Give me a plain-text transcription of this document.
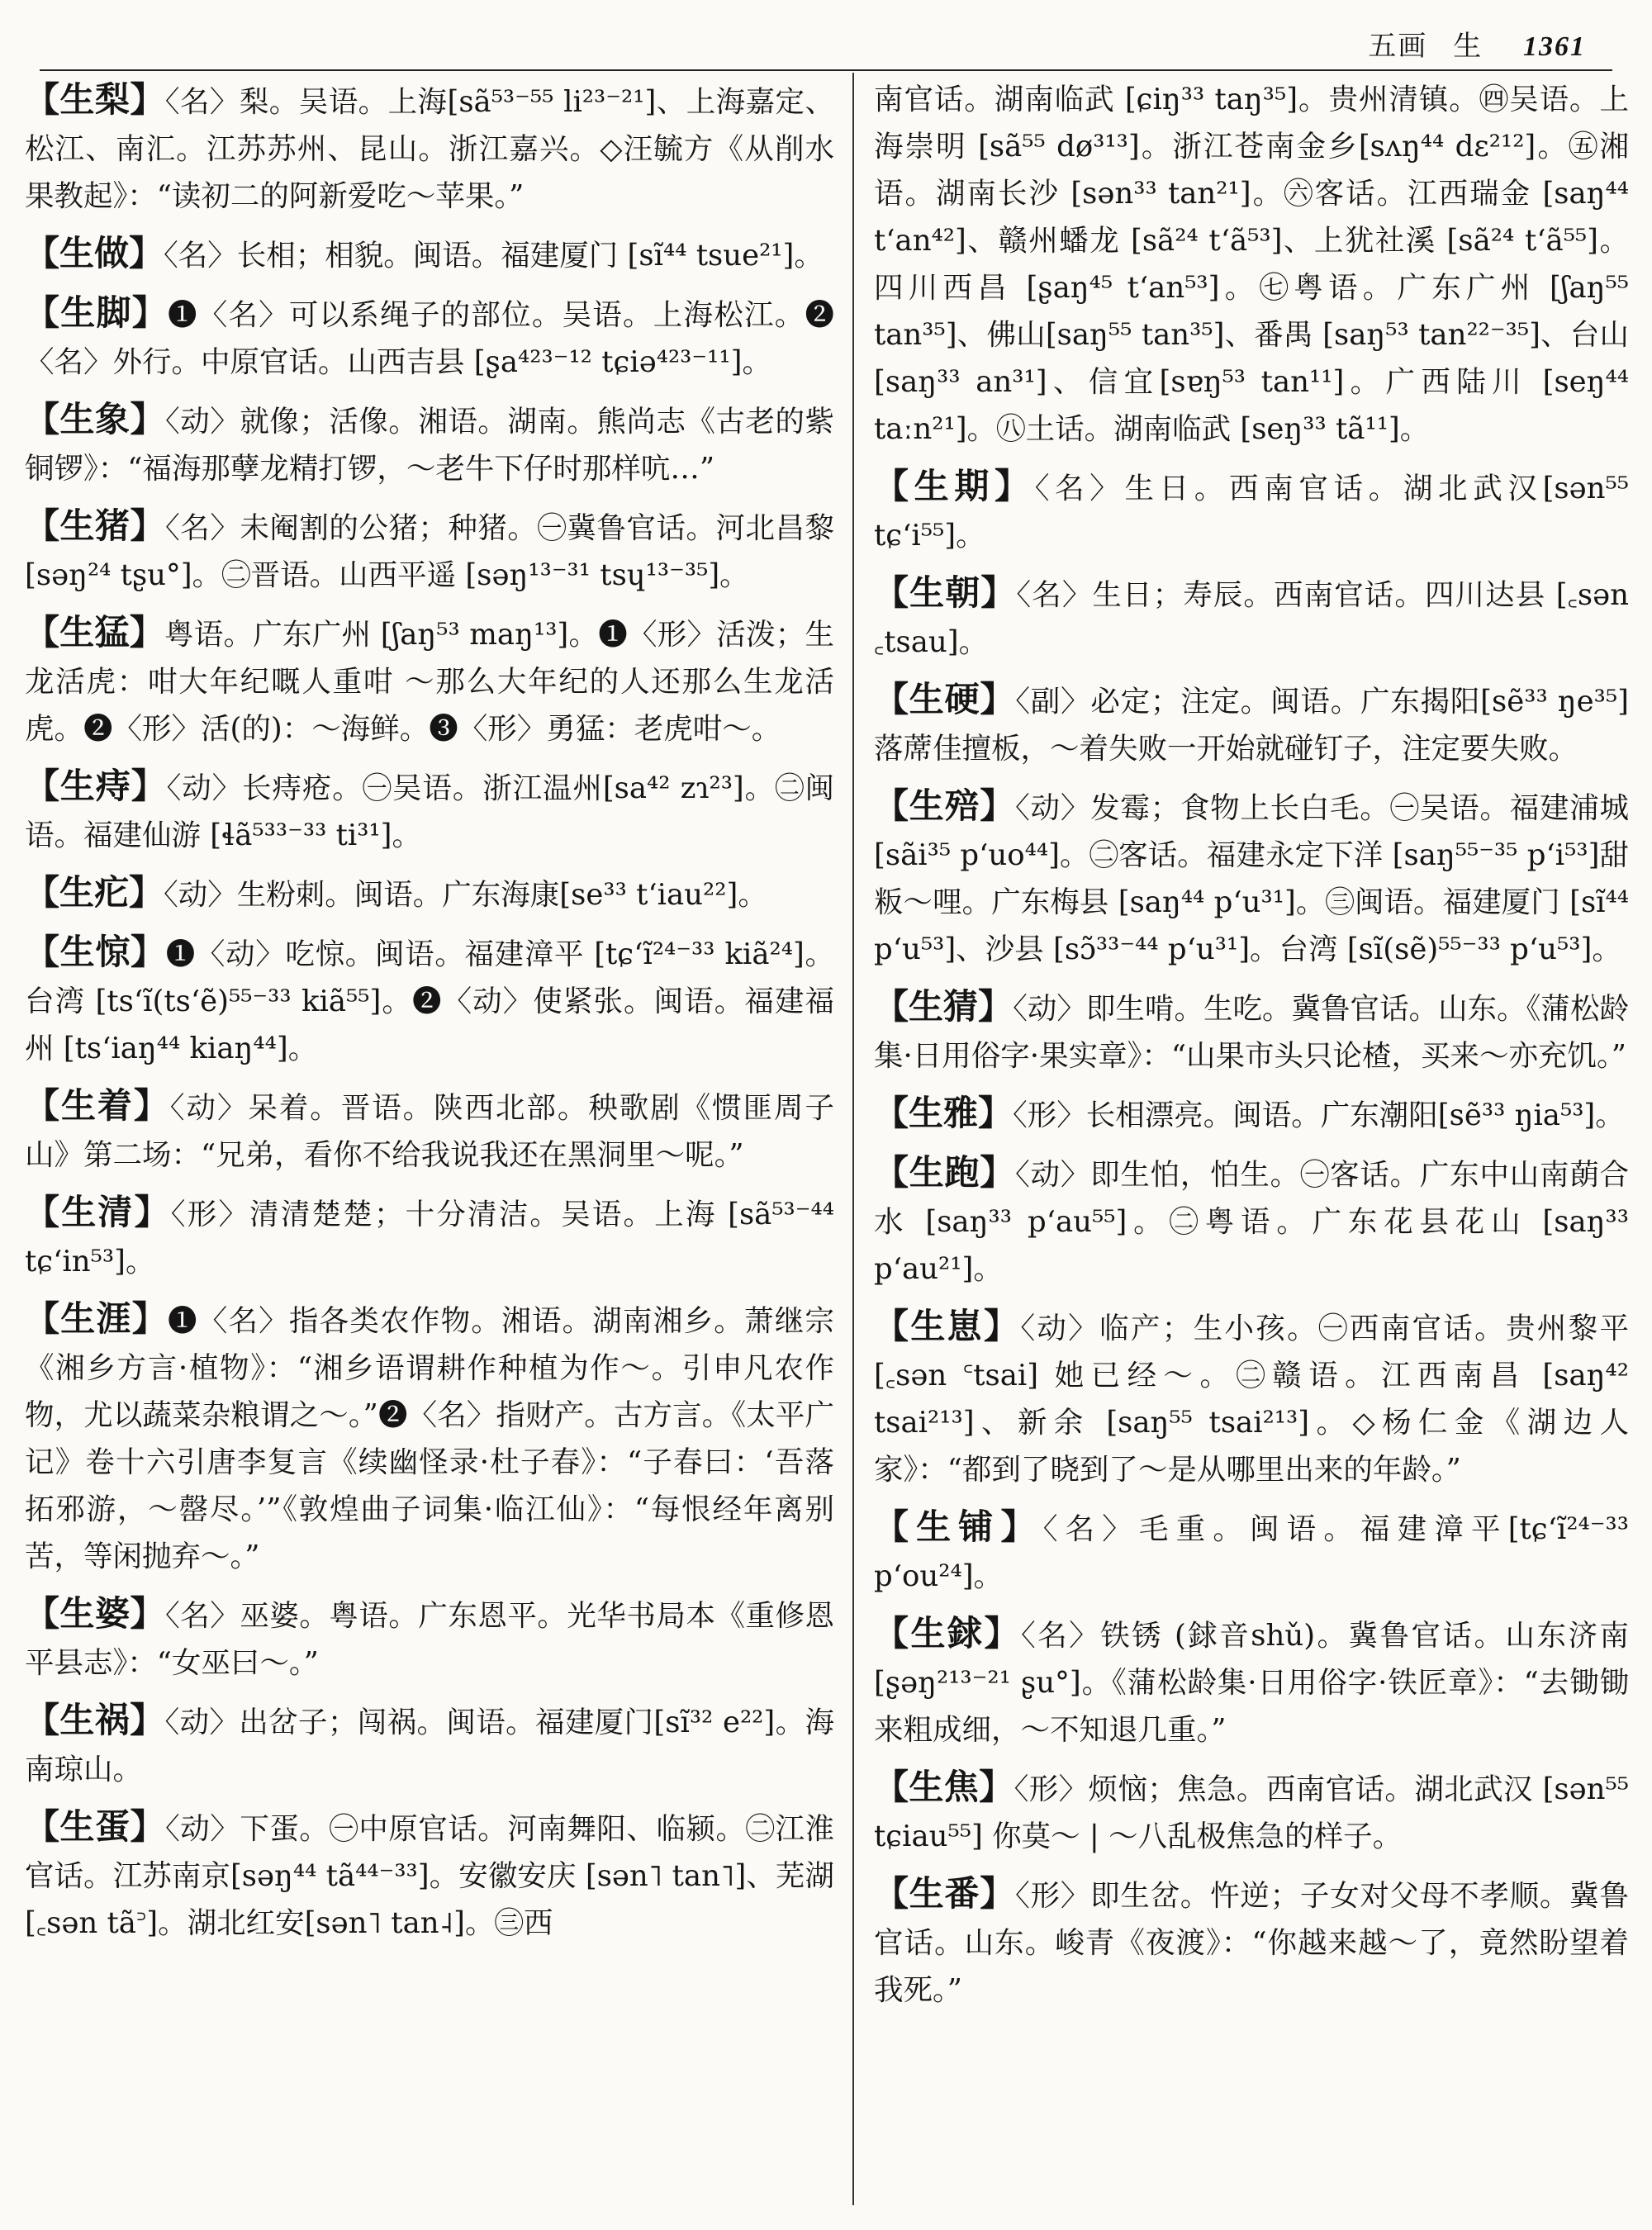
五画 生 1361

【生梨】〈名〉梨。吴语。上海[sã⁵³⁻⁵⁵ li²³⁻²¹]、上海嘉定、松江、南汇。江苏苏州、昆山。浙江嘉兴。◇汪毓方《从削水果教起》：“读初二的阿新爱吃～苹果。”

【生做】〈名〉长相；相貌。闽语。福建厦门 [sĩ⁴⁴ tsue²¹]。

【生脚】❶〈名〉可以系绳子的部位。吴语。上海松江。❷〈名〉外行。中原官话。山西吉县 [ʂa⁴²³⁻¹² tɕiə⁴²³⁻¹¹]。

【生象】〈动〉就像；活像。湘语。湖南。熊尚志《古老的紫铜锣》：“福海那孽龙精打锣，～老牛下仔时那样吭…”

【生猪】〈名〉未阉割的公猪；种猪。㊀冀鲁官话。河北昌黎 [səŋ²⁴ tʂu°]。㊁晋语。山西平遥 [səŋ¹³⁻³¹ tsɥ¹³⁻³⁵]。

【生猛】粤语。广东广州 [ʃaŋ⁵³ maŋ¹³]。❶〈形〉活泼；生龙活虎：咁大年纪嘅人重咁 ～那么大年纪的人还那么生龙活虎。❷〈形〉活(的)：～海鲜。❸〈形〉勇猛：老虎咁～。

【生痔】〈动〉长痔疮。㊀吴语。浙江温州[sa⁴² zɿ²³]。㊁闽语。福建仙游 [ɬã⁵³³⁻³³ ti³¹]。

【生疕】〈动〉生粉刺。闽语。广东海康[se³³ t‘iau²²]。

【生惊】❶〈动〉吃惊。闽语。福建漳平 [tɕ‘ĩ²⁴⁻³³ kiã²⁴]。台湾 [ts‘ĩ(ts‘ẽ)⁵⁵⁻³³ kiã⁵⁵]。❷〈动〉使紧张。闽语。福建福州 [ts‘iaŋ⁴⁴ kiaŋ⁴⁴]。

【生着】〈动〉呆着。晋语。陕西北部。秧歌剧《惯匪周子山》第二场：“兄弟，看你不给我说我还在黑洞里～呢。”

【生清】〈形〉清清楚楚；十分清洁。吴语。上海 [sã⁵³⁻⁴⁴ tɕ‘in⁵³]。

【生涯】❶〈名〉指各类农作物。湘语。湖南湘乡。萧继宗《湘乡方言·植物》：“湘乡语谓耕作种植为作～。引申凡农作物，尤以蔬菜杂粮谓之～。”❷〈名〉指财产。古方言。《太平广记》卷十六引唐李复言《续幽怪录·杜子春》：“子春曰：‘吾落拓邪游，～罄尽。’”《敦煌曲子词集·临江仙》：“每恨经年离别苦，等闲抛弃～。”

【生婆】〈名〉巫婆。粤语。广东恩平。光华书局本《重修恩平县志》：“女巫曰～。”

【生祸】〈动〉出岔子；闯祸。闽语。福建厦门[sĩ³² e²²]。海南琼山。

【生蛋】〈动〉下蛋。㊀中原官话。河南舞阳、临颍。㊁江淮官话。江苏南京[səŋ⁴⁴ tã⁴⁴⁻³³]。安徽安庆 [sən˥ tan˥]、芜湖 [꜀sən tã꜄]。湖北红安[sən˥ tan˨]。㊂西

南官话。湖南临武 [ɕiŋ³³ taŋ³⁵]。贵州清镇。㊃吴语。上海崇明 [sã⁵⁵ dø³¹³]。浙江苍南金乡[sʌŋ⁴⁴ dɛ²¹²]。㊄湘语。湖南长沙 [sən³³ tan²¹]。㊅客话。江西瑞金 [saŋ⁴⁴ t‘an⁴²]、赣州蟠龙 [sã²⁴ t‘ã⁵³]、上犹社溪 [sã²⁴ t‘ã⁵⁵]。四川西昌 [ʂaŋ⁴⁵ t‘an⁵³]。㊆粤语。广东广州 [ʃaŋ⁵⁵ tan³⁵]、佛山[saŋ⁵⁵ tan³⁵]、番禺 [saŋ⁵³ tan²²⁻³⁵]、台山[saŋ³³ an³¹]、信宜[sɐŋ⁵³ tan¹¹]。广西陆川 [seŋ⁴⁴ taːn²¹]。㊇土话。湖南临武 [seŋ³³ tã¹¹]。

【生期】〈名〉生日。西南官话。湖北武汉[sən⁵⁵ tɕ‘i⁵⁵]。

【生朝】〈名〉生日；寿辰。西南官话。四川达县 [꜀sən ꜀tsau]。

【生硬】〈副〉必定；注定。闽语。广东揭阳[sẽ³³ ŋe³⁵] 落蓆佳擅板，～着失败一开始就碰钉子，注定要失败。

【生殕】〈动〉发霉；食物上长白毛。㊀吴语。福建浦城 [sãi³⁵ p‘uo⁴⁴]。㊁客话。福建永定下洋 [saŋ⁵⁵⁻³⁵ p‘i⁵³]甜粄～哩。广东梅县 [saŋ⁴⁴ p‘u³¹]。㊂闽语。福建厦门 [sĩ⁴⁴ p‘u⁵³]、沙县 [sɔ̃³³⁻⁴⁴ p‘u³¹]。台湾 [sĩ(sẽ)⁵⁵⁻³³ p‘u⁵³]。

【生猜】〈动〉即生啃。生吃。冀鲁官话。山东。《蒲松龄集·日用俗字·果实章》：“山果市头只论楂，买来～亦充饥。”

【生雅】〈形〉长相漂亮。闽语。广东潮阳[sẽ³³ ŋia⁵³]。

【生跑】〈动〉即生怕，怕生。㊀客话。广东中山南蓢合水 [saŋ³³ p‘au⁵⁵]。㊁粤语。广东花县花山 [saŋ³³ p‘au²¹]。

【生崽】〈动〉临产；生小孩。㊀西南官话。贵州黎平 [꜀sən ꜂tsai] 她已经～。㊁赣语。江西南昌 [saŋ⁴² tsai²¹³]、新余 [saŋ⁵⁵ tsai²¹³]。◇杨仁金《湖边人家》：“都到了晓到了～是从哪里出来的年龄。”

【生铺】〈名〉毛重。闽语。福建漳平[tɕ‘ĩ²⁴⁻³³ p‘ou²⁴]。

【生銶】〈名〉铁锈 (銶音shǔ)。冀鲁官话。山东济南 [ʂəŋ²¹³⁻²¹ ʂu°]。《蒲松龄集·日用俗字·铁匠章》：“去锄锄来粗成细，～不知退几重。”

【生焦】〈形〉烦恼；焦急。西南官话。湖北武汉 [sən⁵⁵ tɕiau⁵⁵] 你莫～ | ～八乱极焦急的样子。

【生番】〈形〉即生岔。忤逆；子女对父母不孝顺。冀鲁官话。山东。峻青《夜渡》：“你越来越～了，竟然盼望着我死。”
